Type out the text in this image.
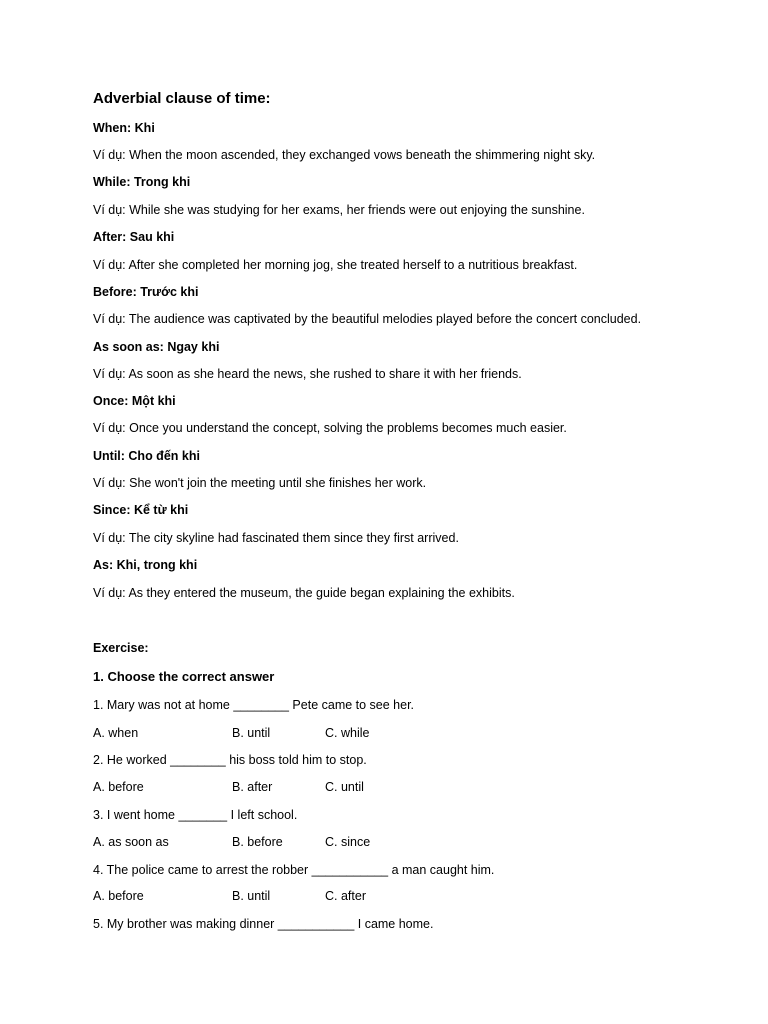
Adverbial clause of time:
When: Khi
Ví dụ: When the moon ascended, they exchanged vows beneath the shimmering night sky.
While: Trong khi
Ví dụ: While she was studying for her exams, her friends were out enjoying the sunshine.
After: Sau khi
Ví dụ: After she completed her morning jog, she treated herself to a nutritious breakfast.
Before: Trước khi
Ví dụ: The audience was captivated by the beautiful melodies played before the concert concluded.
As soon as: Ngay khi
Ví dụ: As soon as she heard the news, she rushed to share it with her friends.
Once: Một khi
Ví dụ: Once you understand the concept, solving the problems becomes much easier.
Until: Cho đến khi
Ví dụ: She won't join the meeting until she finishes her work.
Since: Kể từ khi
Ví dụ: The city skyline had fascinated them since they first arrived.
As: Khi, trong khi
Ví dụ: As they entered the museum, the guide began explaining the exhibits.
Exercise:
1. Choose the correct answer
1. Mary was not at home ________ Pete came to see her.
A. when	B. until	C. while
2. He worked ________ his boss told him to stop.
A. before	B. after	C. until
3. I went home _______ I left school.
A. as soon as	B. before	C. since
4. The police came to arrest the robber ___________ a man caught him.
A. before	B. until	C. after
5. My brother was making dinner ___________ I came home.
